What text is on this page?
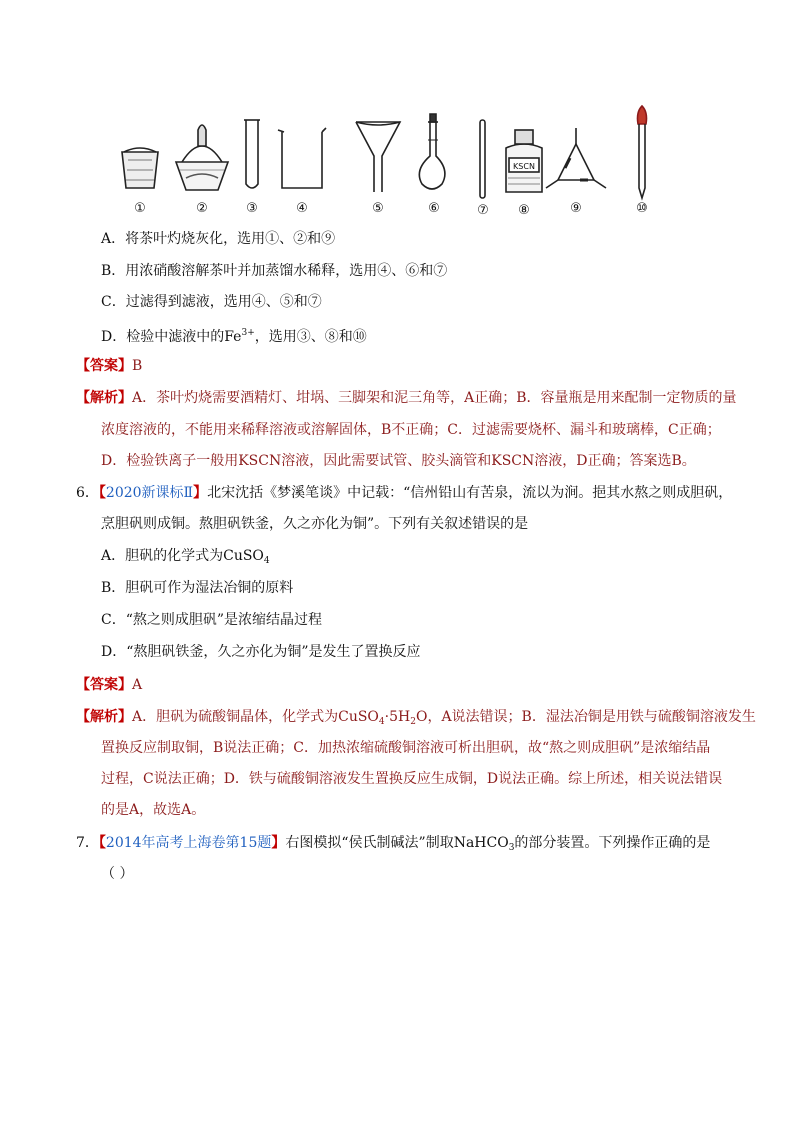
KSCN
①	②	③	④	⑤	⑥	⑦ ⑧	⑨	⑩
A．将茶叶灼烧灰化，选用①、②和⑨
B．用浓硝酸溶解茶叶并加蒸馏水稀释，选用④、⑥和⑦
C．过滤得到滤液，选用④、⑤和⑦
D．检验中滤液中的$Fe^{3+}$，选用③、⑧和⑩
【答案】B
【解析】A．茶叶灼烧需要酒精灯、坩埚、三脚架和泥三角等，A正确；B．容量瓶是用来配制一定物质的量
浓度溶液的，不能用来稀释溶液或溶解固体，B不正确；C．过滤需要烧杯、漏斗和玻璃棒，C正确；
D．检验铁离子一般用KSCN溶液，因此需要试管、胶头滴管和KSCN溶液，D正确；答案选B。
6．【2020新课标Ⅱ】北宋沈括《梦溪笔谈》中记载：“信州铅山有苦泉，流以为涧。挹其水熬之则成胆矾，
烹胆矾则成铜。熬胆矾铁釜，久之亦化为铜”。下列有关叙述错误的是
A．胆矾的化学式为CuSO$_4$
B．胆矾可作为湿法冶铜的原料
C．“熬之则成胆矾”是浓缩结晶过程
D．“熬胆矾铁釜，久之亦化为铜”是发生了置换反应
【答案】A
【解析】A．胆矾为硫酸铜晶体，化学式为$CuSO_4\cdot 5H_2O$，A说法错误；B．湿法冶铜是用铁与硫酸铜溶液发生
置换反应制取铜，B说法正确；C．加热浓缩硫酸铜溶液可析出胆矾，故“熬之则成胆矾”是浓缩结晶
过程，C说法正确；D．铁与硫酸铜溶液发生置换反应生成铜，D说法正确。综上所述，相关说法错误
的是A，故选A。
7．【2014年高考上海卷第15题】右图模拟“侯氏制碱法”制取NaHCO$_3$的部分装置。下列操作正确的是
（ ）
